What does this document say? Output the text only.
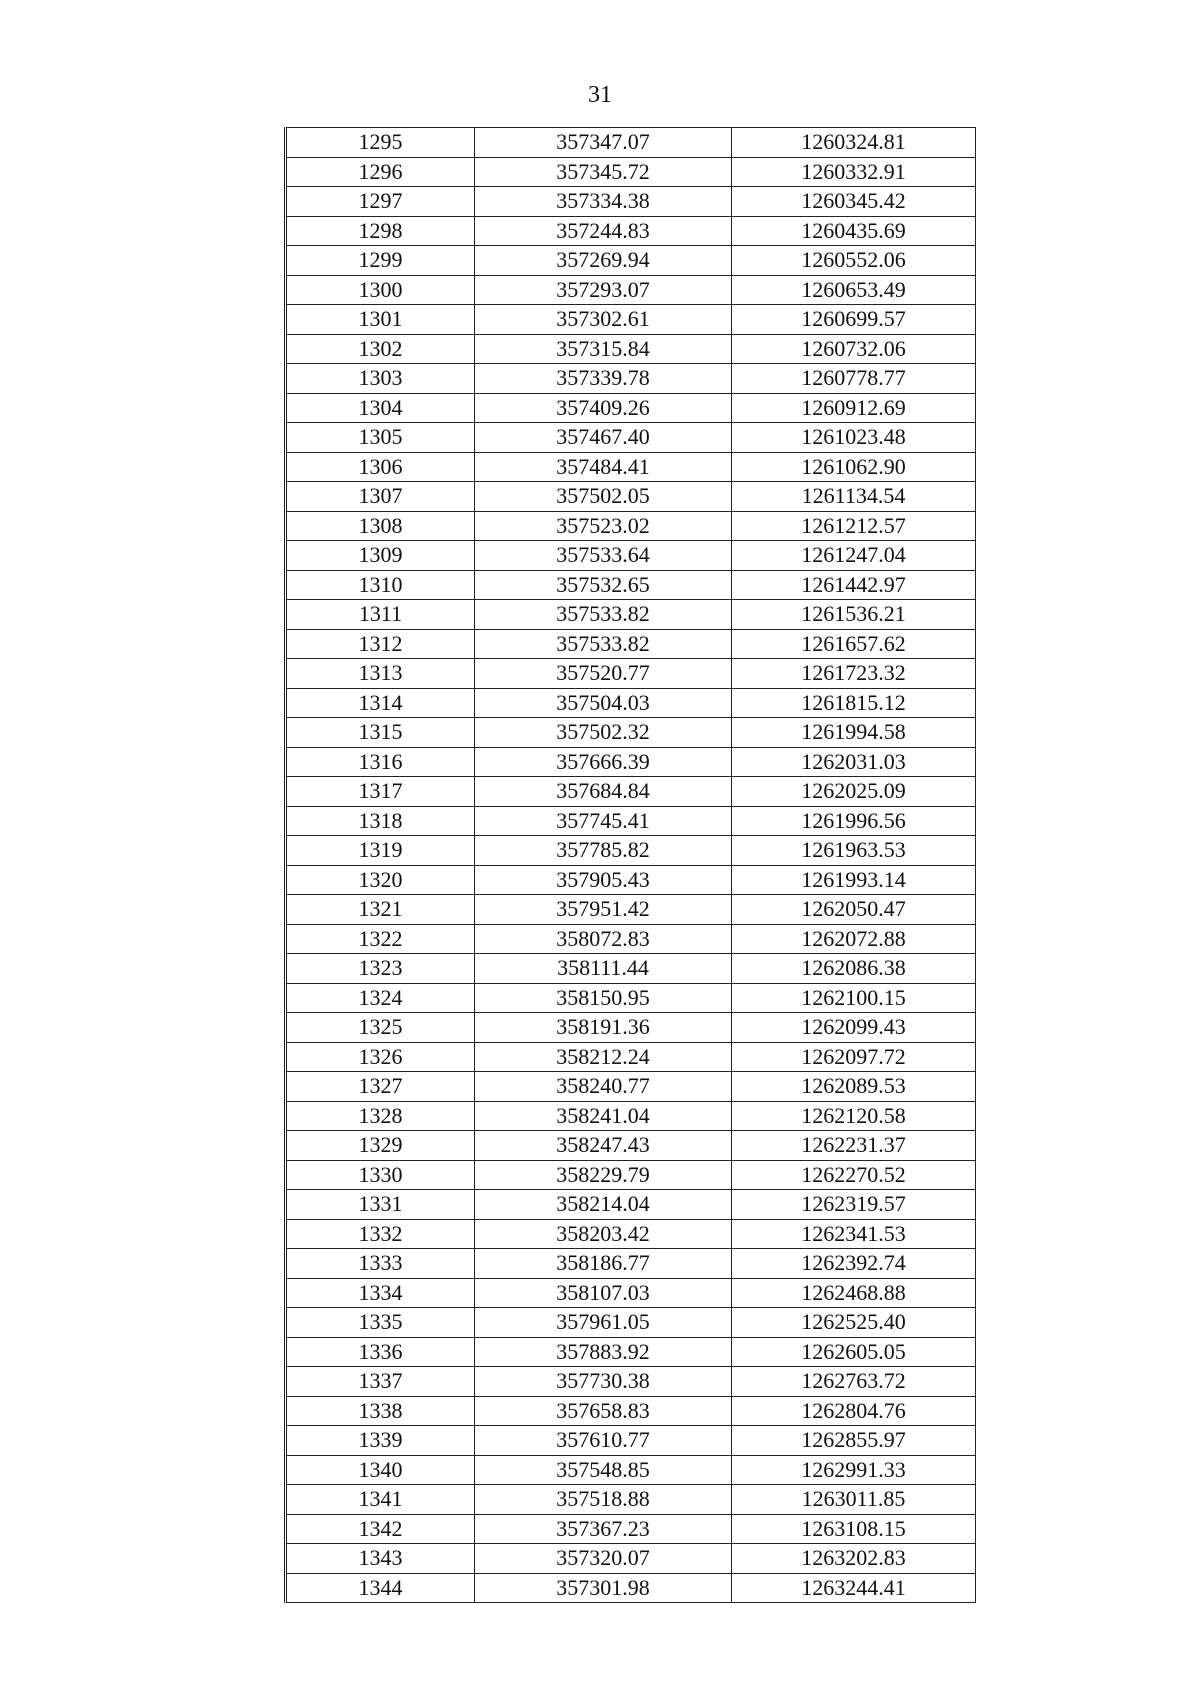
31
1295	357347.07	1260324.81
1296	357345.72	1260332.91
1297	357334.38	1260345.42
1298	357244.83	1260435.69
1299	357269.94	1260552.06
1300	357293.07	1260653.49
1301	357302.61	1260699.57
1302	357315.84	1260732.06
1303	357339.78	1260778.77
1304	357409.26	1260912.69
1305	357467.40	1261023.48
1306	357484.41	1261062.90
1307	357502.05	1261134.54
1308	357523.02	1261212.57
1309	357533.64	1261247.04
1310	357532.65	1261442.97
1311	357533.82	1261536.21
1312	357533.82	1261657.62
1313	357520.77	1261723.32
1314	357504.03	1261815.12
1315	357502.32	1261994.58
1316	357666.39	1262031.03
1317	357684.84	1262025.09
1318	357745.41	1261996.56
1319	357785.82	1261963.53
1320	357905.43	1261993.14
1321	357951.42	1262050.47
1322	358072.83	1262072.88
1323	358111.44	1262086.38
1324	358150.95	1262100.15
1325	358191.36	1262099.43
1326	358212.24	1262097.72
1327	358240.77	1262089.53
1328	358241.04	1262120.58
1329	358247.43	1262231.37
1330	358229.79	1262270.52
1331	358214.04	1262319.57
1332	358203.42	1262341.53
1333	358186.77	1262392.74
1334	358107.03	1262468.88
1335	357961.05	1262525.40
1336	357883.92	1262605.05
1337	357730.38	1262763.72
1338	357658.83	1262804.76
1339	357610.77	1262855.97
1340	357548.85	1262991.33
1341	357518.88	1263011.85
1342	357367.23	1263108.15
1343	357320.07	1263202.83
1344	357301.98	1263244.41
